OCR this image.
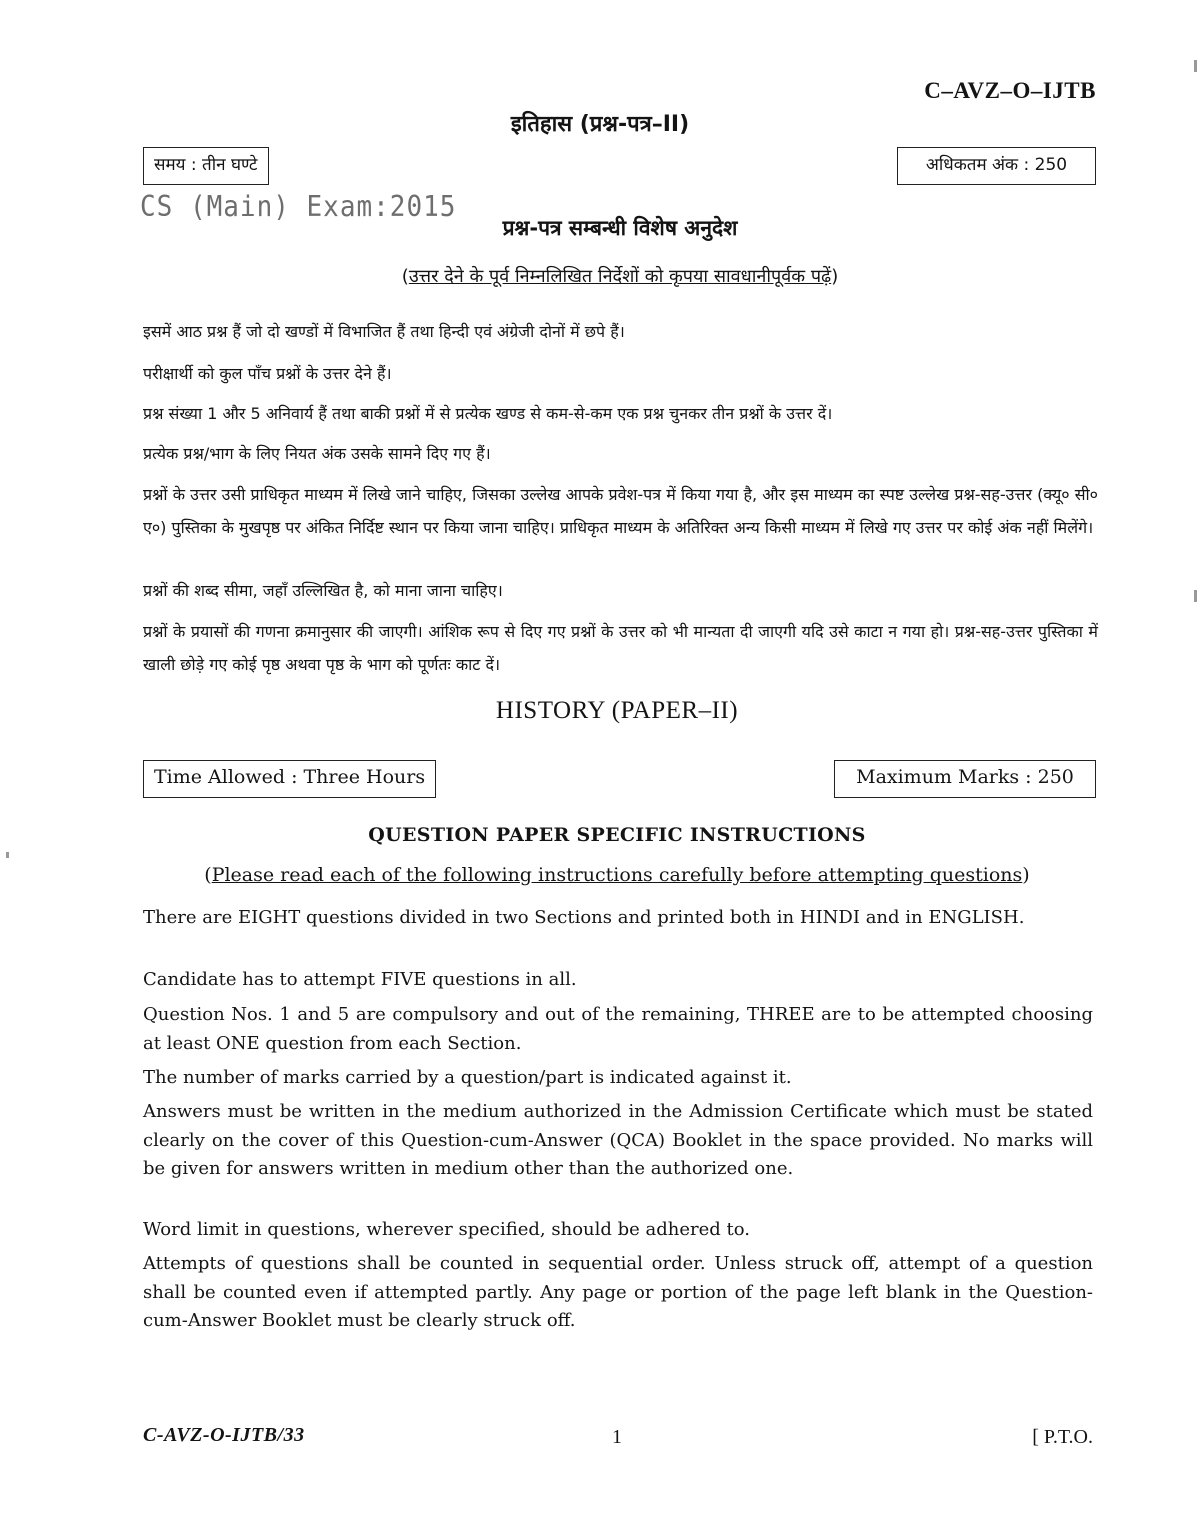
C–AVZ–O–IJTB
इतिहास (प्रश्न-पत्र–II)
समय : तीन घण्टे	अधिकतम अंक : 250
CS (Main) Exam:2015
प्रश्न-पत्र सम्बन्धी विशेष अनुदेश
(उत्तर देने के पूर्व निम्नलिखित निर्देशों को कृपया सावधानीपूर्वक पढ़ें)
इसमें आठ प्रश्न हैं जो दो खण्डों में विभाजित हैं तथा हिन्दी एवं अंग्रेजी दोनों में छपे हैं।
परीक्षार्थी को कुल पाँच प्रश्नों के उत्तर देने हैं।
प्रश्न संख्या 1 और 5 अनिवार्य हैं तथा बाकी प्रश्नों में से प्रत्येक खण्ड से कम-से-कम एक प्रश्न चुनकर तीन प्रश्नों के उत्तर दें।
प्रत्येक प्रश्न/भाग के लिए नियत अंक उसके सामने दिए गए हैं।
प्रश्नों के उत्तर उसी प्राधिकृत माध्यम में लिखे जाने चाहिए, जिसका उल्लेख आपके प्रवेश-पत्र में किया गया है, और इस माध्यम का स्पष्ट उल्लेख प्रश्न-सह-उत्तर (क्यू० सी० ए०) पुस्तिका के मुखपृष्ठ पर अंकित निर्दिष्ट स्थान पर किया जाना चाहिए। प्राधिकृत माध्यम के अतिरिक्त अन्य किसी माध्यम में लिखे गए उत्तर पर कोई अंक नहीं मिलेंगे।
प्रश्नों की शब्द सीमा, जहाँ उल्लिखित है, को माना जाना चाहिए।
प्रश्नों के प्रयासों की गणना क्रमानुसार की जाएगी। आंशिक रूप से दिए गए प्रश्नों के उत्तर को भी मान्यता दी जाएगी यदि उसे काटा न गया हो। प्रश्न-सह-उत्तर पुस्तिका में खाली छोड़े गए कोई पृष्ठ अथवा पृष्ठ के भाग को पूर्णतः काट दें।
HISTORY (PAPER–II)
Time Allowed : Three Hours	Maximum Marks : 250
QUESTION PAPER SPECIFIC INSTRUCTIONS
(Please read each of the following instructions carefully before attempting questions)
There are EIGHT questions divided in two Sections and printed both in HINDI and in ENGLISH.
Candidate has to attempt FIVE questions in all.
Question Nos. 1 and 5 are compulsory and out of the remaining, THREE are to be attempted choosing at least ONE question from each Section.
The number of marks carried by a question/part is indicated against it.
Answers must be written in the medium authorized in the Admission Certificate which must be stated clearly on the cover of this Question-cum-Answer (QCA) Booklet in the space provided. No marks will be given for answers written in medium other than the authorized one.
Word limit in questions, wherever specified, should be adhered to.
Attempts of questions shall be counted in sequential order. Unless struck off, attempt of a question shall be counted even if attempted partly. Any page or portion of the page left blank in the Question-cum-Answer Booklet must be clearly struck off.
C-AVZ-O-IJTB/33	1	[ P.T.O.
